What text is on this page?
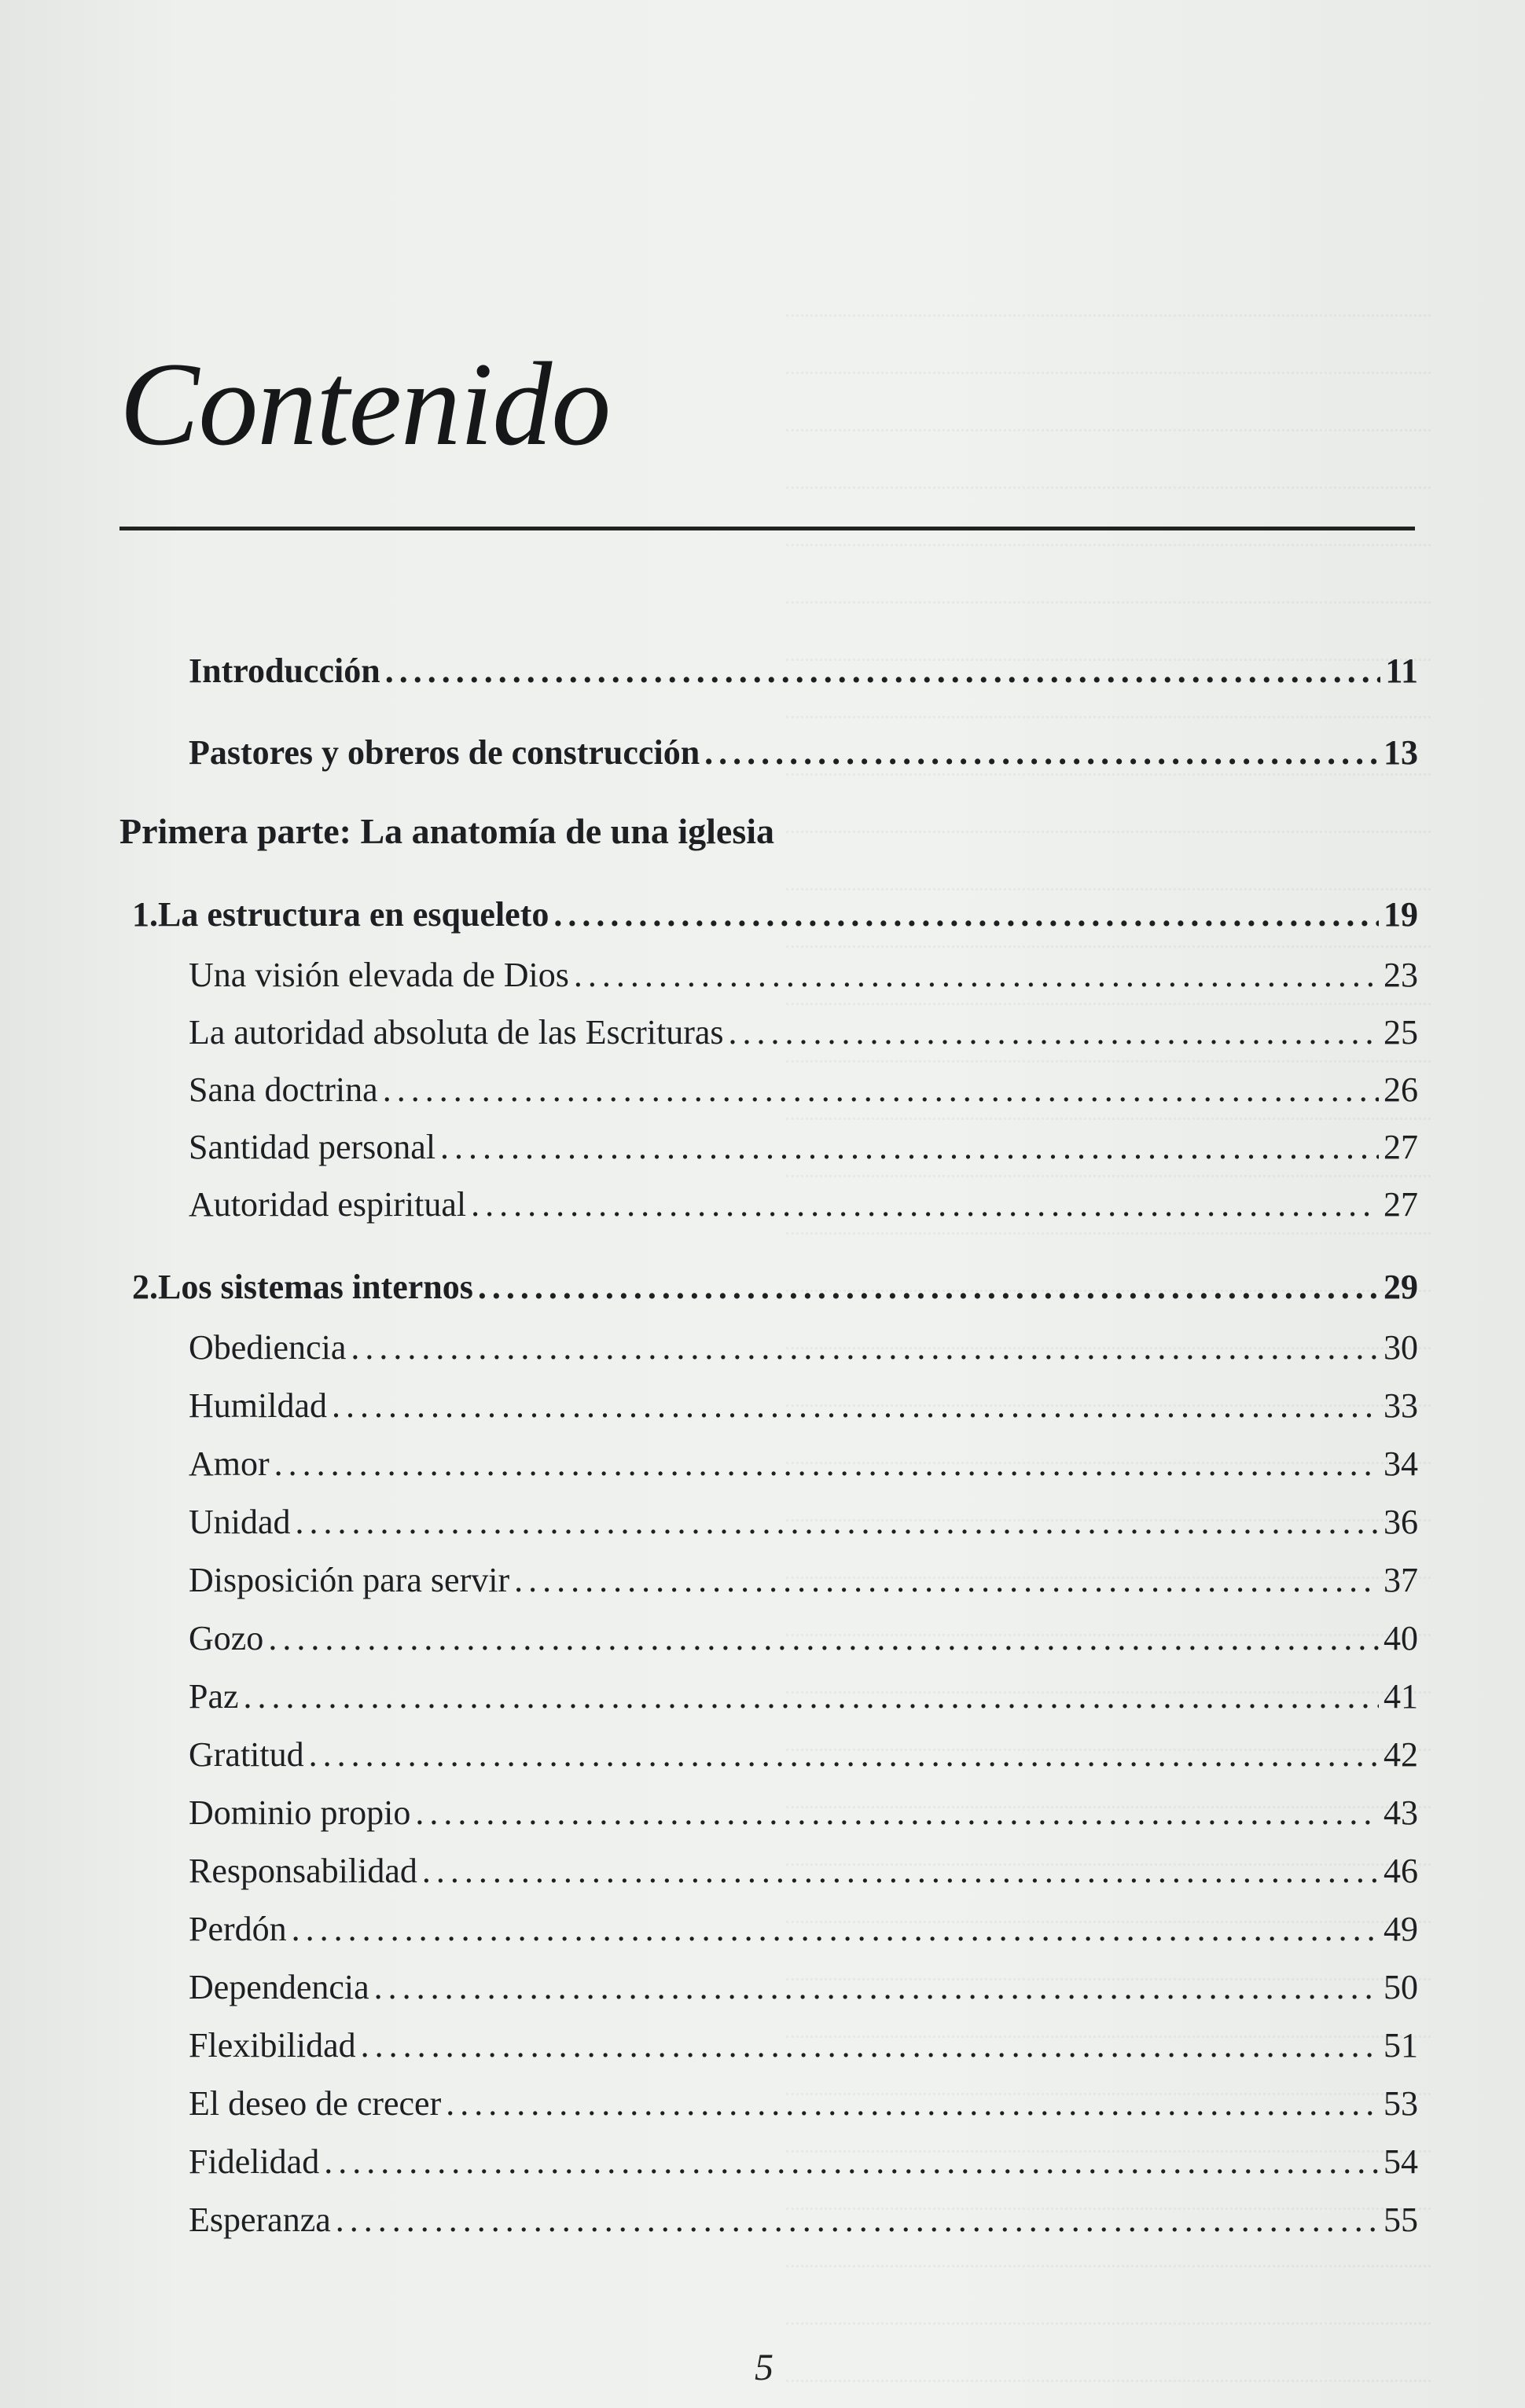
Contenido
Introducción . . .	11
Pastores y obreros de construcción . . .	13
Primera parte: La anatomía de una iglesia
1. La estructura en esqueleto . . .	19
Una visión elevada de Dios . . .	23
La autoridad absoluta de las Escrituras . . .	25
Sana doctrina . . .	26
Santidad personal . . .	27
Autoridad espiritual . . .	27
2. Los sistemas internos . . .	29
Obediencia . . .	30
Humildad . . .	33
Amor . . .	34
Unidad . . .	36
Disposición para servir . . .	37
Gozo . . .	40
Paz . . .	41
Gratitud . . .	42
Dominio propio . . .	43
Responsabilidad . . .	46
Perdón . . .	49
Dependencia . . .	50
Flexibilidad . . .	51
El deseo de crecer . . .	53
Fidelidad . . .	54
Esperanza . . .	55
5
